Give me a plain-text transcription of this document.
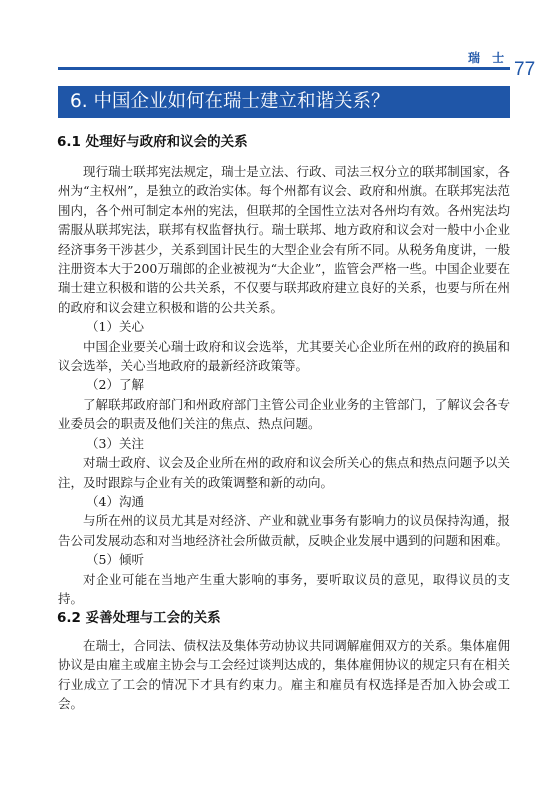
瑞 士
77
6. 中国企业如何在瑞士建立和谐关系？
6.1 处理好与政府和议会的关系

现行瑞士联邦宪法规定，瑞士是立法、行政、司法三权分立的联邦制国家，各州为“主权州”，是独立的政治实体。每个州都有议会、政府和州旗。在联邦宪法范围内，各个州可制定本州的宪法，但联邦的全国性立法对各州均有效。各州宪法均需服从联邦宪法，联邦有权监督执行。瑞士联邦、地方政府和议会对一般中小企业经济事务干涉甚少，关系到国计民生的大型企业会有所不同。从税务角度讲，一般注册资本大于200万瑞郎的企业被视为“大企业”，监管会严格一些。中国企业要在瑞士建立积极和谐的公共关系，不仅要与联邦政府建立良好的关系，也要与所在州的政府和议会建立积极和谐的公共关系。

（1）关心

中国企业要关心瑞士政府和议会选举，尤其要关心企业所在州的政府的换届和议会选举，关心当地政府的最新经济政策等。

（2）了解

了解联邦政府部门和州政府部门主管公司企业业务的主管部门，了解议会各专业委员会的职责及他们关注的焦点、热点问题。

（3）关注

对瑞士政府、议会及企业所在州的政府和议会所关心的焦点和热点问题予以关注，及时跟踪与企业有关的政策调整和新的动向。

（4）沟通

与所在州的议员尤其是对经济、产业和就业事务有影响力的议员保持沟通，报告公司发展动态和对当地经济社会所做贡献，反映企业发展中遇到的问题和困难。

（5）倾听

对企业可能在当地产生重大影响的事务，要听取议员的意见，取得议员的支持。

6.2 妥善处理与工会的关系

在瑞士，合同法、债权法及集体劳动协议共同调解雇佣双方的关系。集体雇佣协议是由雇主或雇主协会与工会经过谈判达成的，集体雇佣协议的规定只有在相关行业成立了工会的情况下才具有约束力。雇主和雇员有权选择是否加入协会或工会。
